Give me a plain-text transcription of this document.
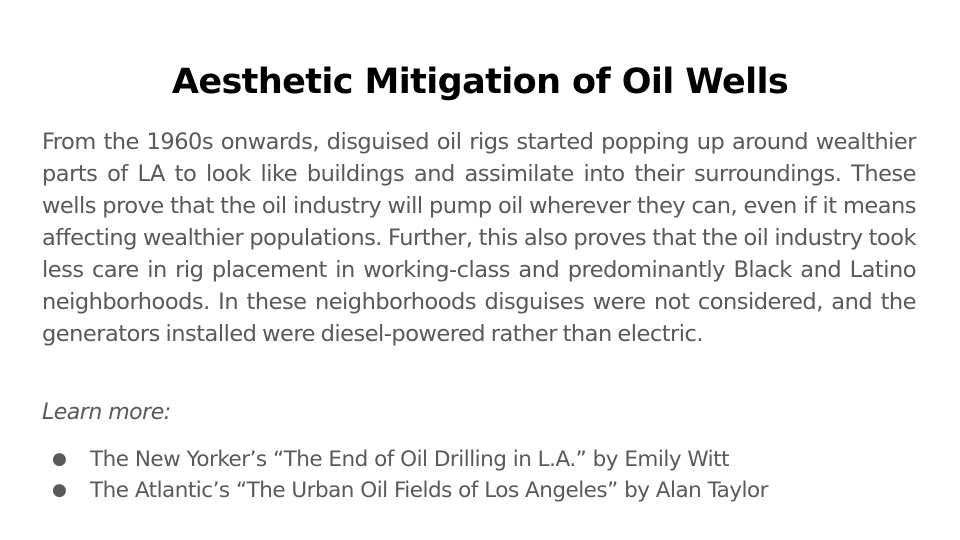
Aesthetic Mitigation of Oil Wells

From the 1960s onwards, disguised oil rigs started popping up around wealthier parts of LA to look like buildings and assimilate into their surroundings. These wells prove that the oil industry will pump oil wherever they can, even if it means affecting wealthier populations. Further, this also proves that the oil industry took less care in rig placement in working-class and predominantly Black and Latino neighborhoods. In these neighborhoods disguises were not considered, and the generators installed were diesel-powered rather than electric.

Learn more:

● The New Yorker’s “The End of Oil Drilling in L.A.” by Emily Witt
● The Atlantic’s “The Urban Oil Fields of Los Angeles” by Alan Taylor
